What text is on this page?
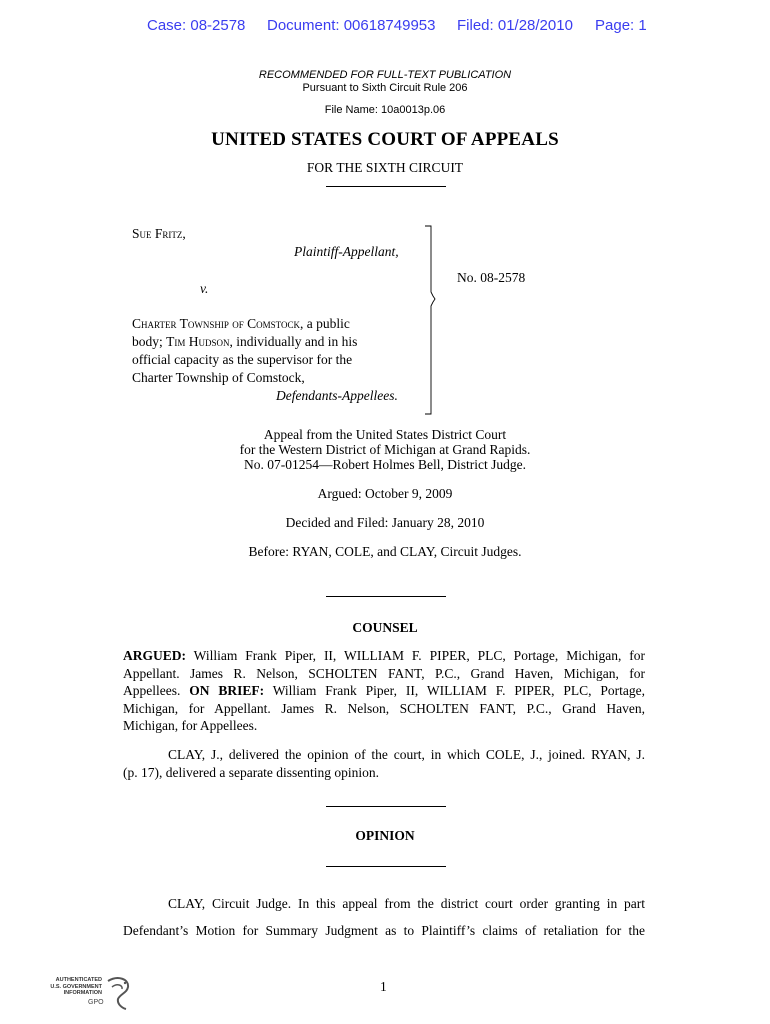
Case: 08-2578 Document: 00618749953 Filed: 01/28/2010 Page: 1
RECOMMENDED FOR FULL-TEXT PUBLICATION
Pursuant to Sixth Circuit Rule 206
File Name: 10a0013p.06
UNITED STATES COURT OF APPEALS
FOR THE SIXTH CIRCUIT
Sue Fritz,
Plaintiff-Appellant,
v.
Charter Township of Comstock, a public
body; Tim Hudson, individually and in his
official capacity as the supervisor for the
Charter Township of Comstock,
Defendants-Appellees.
No. 08-2578
Appeal from the United States District Court
for the Western District of Michigan at Grand Rapids.
No. 07-01254—Robert Holmes Bell, District Judge.
Argued: October 9, 2009
Decided and Filed: January 28, 2010
Before: RYAN, COLE, and CLAY, Circuit Judges.
COUNSEL
ARGUED: William Frank Piper, II, WILLIAM F. PIPER, PLC, Portage, Michigan, for
Appellant. James R. Nelson, SCHOLTEN FANT, P.C., Grand Haven, Michigan, for
Appellees. ON BRIEF: William Frank Piper, II, WILLIAM F. PIPER, PLC, Portage,
Michigan, for Appellant. James R. Nelson, SCHOLTEN FANT, P.C., Grand Haven,
Michigan, for Appellees.
CLAY, J., delivered the opinion of the court, in which COLE, J., joined. RYAN, J.
(p. 17), delivered a separate dissenting opinion.
OPINION
CLAY, Circuit Judge. In this appeal from the district court order granting in part
Defendant’s Motion for Summary Judgment as to Plaintiff’s claims of retaliation for the
1
AUTHENTICATED
U.S. GOVERNMENT
INFORMATION
GPO
